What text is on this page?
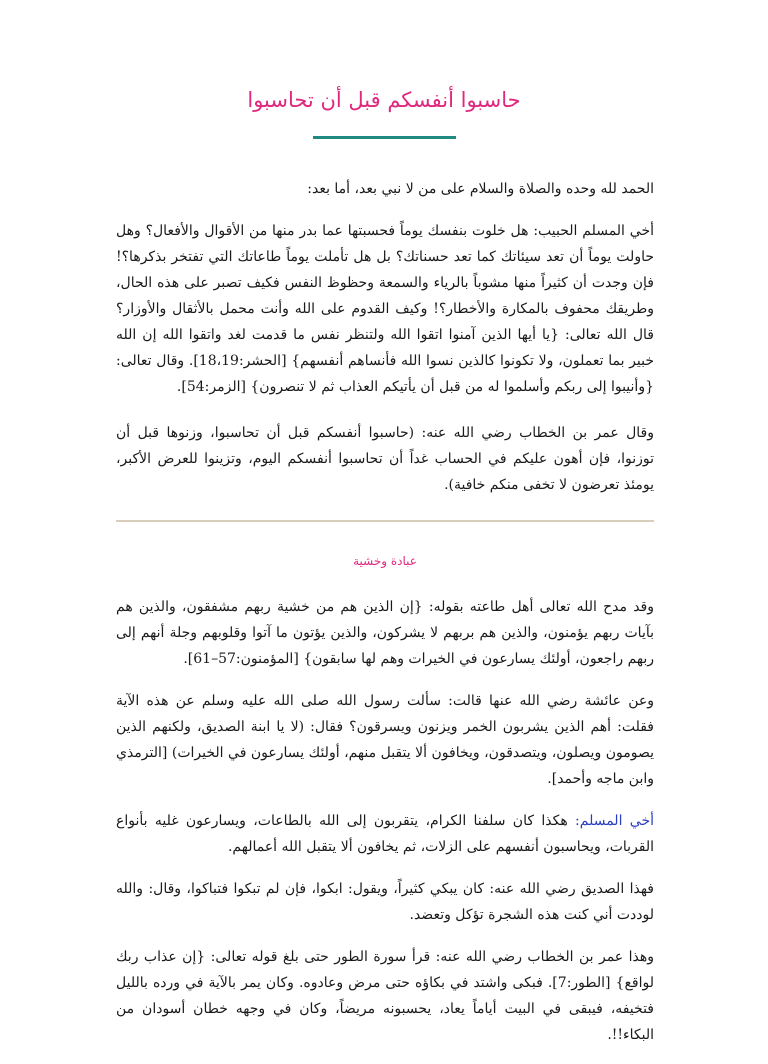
حاسبوا أنفسكم قبل أن تحاسبوا

الحمد لله وحده والصلاة والسلام على من لا نبي بعد، أما بعد:

أخي المسلم الحبيب: هل خلوت بنفسك يوماً فحسبتها عما بدر منها من الأقوال والأفعال؟ وهل حاولت يوماً أن تعد سيئاتك كما تعد حسناتك؟ بل هل تأملت يوماً طاعاتك التي تفتخر بذكرها؟! فإن وجدت أن كثيراً منها مشوباً بالرياء والسمعة وحظوظ النفس فكيف تصبر على هذه الحال، وطريقك محفوف بالمكارة والأخطار؟! وكيف القدوم على الله وأنت محمل بالأثقال والأوزار؟ قال الله تعالى: {يا أيها الذين آمنوا اتقوا الله ولتنظر نفس ما قدمت لغد واتقوا الله إن الله خبير بما تعملون، ولا تكونوا كالذين نسوا الله فأنساهم أنفسهم} [الحشر:18،19]. وقال تعالى: {وأنيبوا إلى ربكم وأسلموا له من قبل أن يأتيكم العذاب ثم لا تنصرون} [الزمر:54].

وقال عمر بن الخطاب رضي الله عنه: (حاسبوا أنفسكم قبل أن تحاسبوا، وزنوها قبل أن توزنوا، فإن أهون عليكم في الحساب غداً أن تحاسبوا أنفسكم اليوم، وتزينوا للعرض الأكبر، يومئذ تعرضون لا تخفى منكم خافية).

عبادة وخشية

وقد مدح الله تعالى أهل طاعته بقوله: {إن الذين هم من خشية ربهم مشفقون، والذين هم بآيات ربهم يؤمنون، والذين هم بربهم لا يشركون، والذين يؤتون ما آتوا وقلوبهم وجلة أنهم إلى ربهم راجعون، أولئك يسارعون في الخيرات وهم لها سابقون} [المؤمنون:57–61].

وعن عائشة رضي الله عنها قالت: سألت رسول الله صلى الله عليه وسلم عن هذه الآية فقلت: أهم الذين يشربون الخمر ويزنون ويسرقون؟ فقال: (لا يا ابنة الصديق، ولكنهم الذين يصومون ويصلون، ويتصدقون، ويخافون ألا يتقبل منهم، أولئك يسارعون في الخيرات) [الترمذي وابن ماجه وأحمد].

أخي المسلم: هكذا كان سلفنا الكرام، يتقربون إلى الله بالطاعات، ويسارعون غليه بأنواع القربات، ويحاسبون أنفسهم على الزلات، ثم يخافون ألا يتقبل الله أعمالهم.

فهذا الصديق رضي الله عنه: كان يبكي كثيراً، ويقول: ابكوا، فإن لم تبكوا فتباكوا، وقال: والله لوددت أني كنت هذه الشجرة تؤكل وتعضد.

وهذا عمر بن الخطاب رضي الله عنه: قرأ سورة الطور حتى بلغ قوله تعالى: {إن عذاب ربك لواقع} [الطور:7]. فبكى واشتد في بكاؤه حتى مرض وعادوه. وكان يمر بالآية في ورده بالليل فتخيفه، فيبقى في البيت أياماً يعاد، يحسبونه مريضاً، وكان في وجهه خطان أسودان من البكاء!!.
